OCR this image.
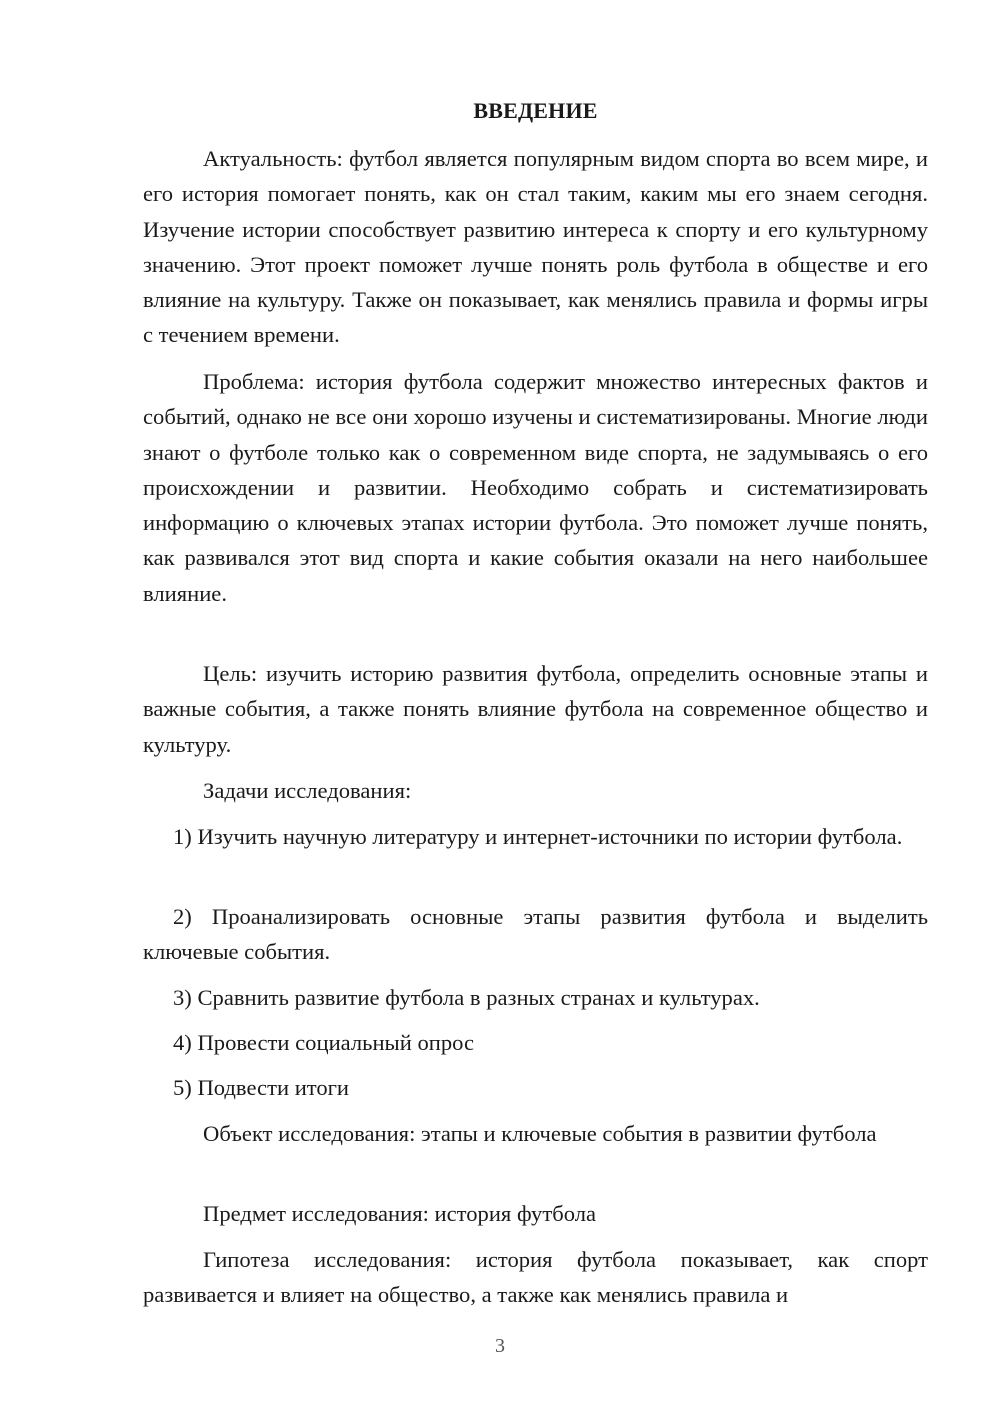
ВВЕДЕНИЕ

Актуальность: футбол является популярным видом спорта во всем мире, и его история помогает понять, как он стал таким, каким мы его знаем сегодня. Изучение истории способствует развитию интереса к спорту и его культурному значению. Этот проект поможет лучше понять роль футбола в обществе и его влияние на культуру. Также он показывает, как менялись правила и формы игры с течением времени.

Проблема: история футбола содержит множество интересных фактов и событий, однако не все они хорошо изучены и систематизированы. Многие люди знают о футболе только как о современном виде спорта, не задумываясь о его происхождении и развитии. Необходимо собрать и систематизировать информацию о ключевых этапах истории футбола. Это поможет лучше понять, как развивался этот вид спорта и какие события оказали на него наибольшее влияние.

Цель: изучить историю развития футбола, определить основные этапы и важные события, а также понять влияние футбола на современное общество и культуру.

Задачи исследования:

1) Изучить научную литературу и интернет-источники по истории футбола.

2) Проанализировать основные этапы развития футбола и выделить ключевые события.

3) Сравнить развитие футбола в разных странах и культурах.

4) Провести социальный опрос

5) Подвести итоги

Объект исследования: этапы и ключевые события в развитии футбола

Предмет исследования: история футбола

Гипотеза исследования: история футбола показывает, как спорт развивается и влияет на общество, а также как менялись правила и

3
